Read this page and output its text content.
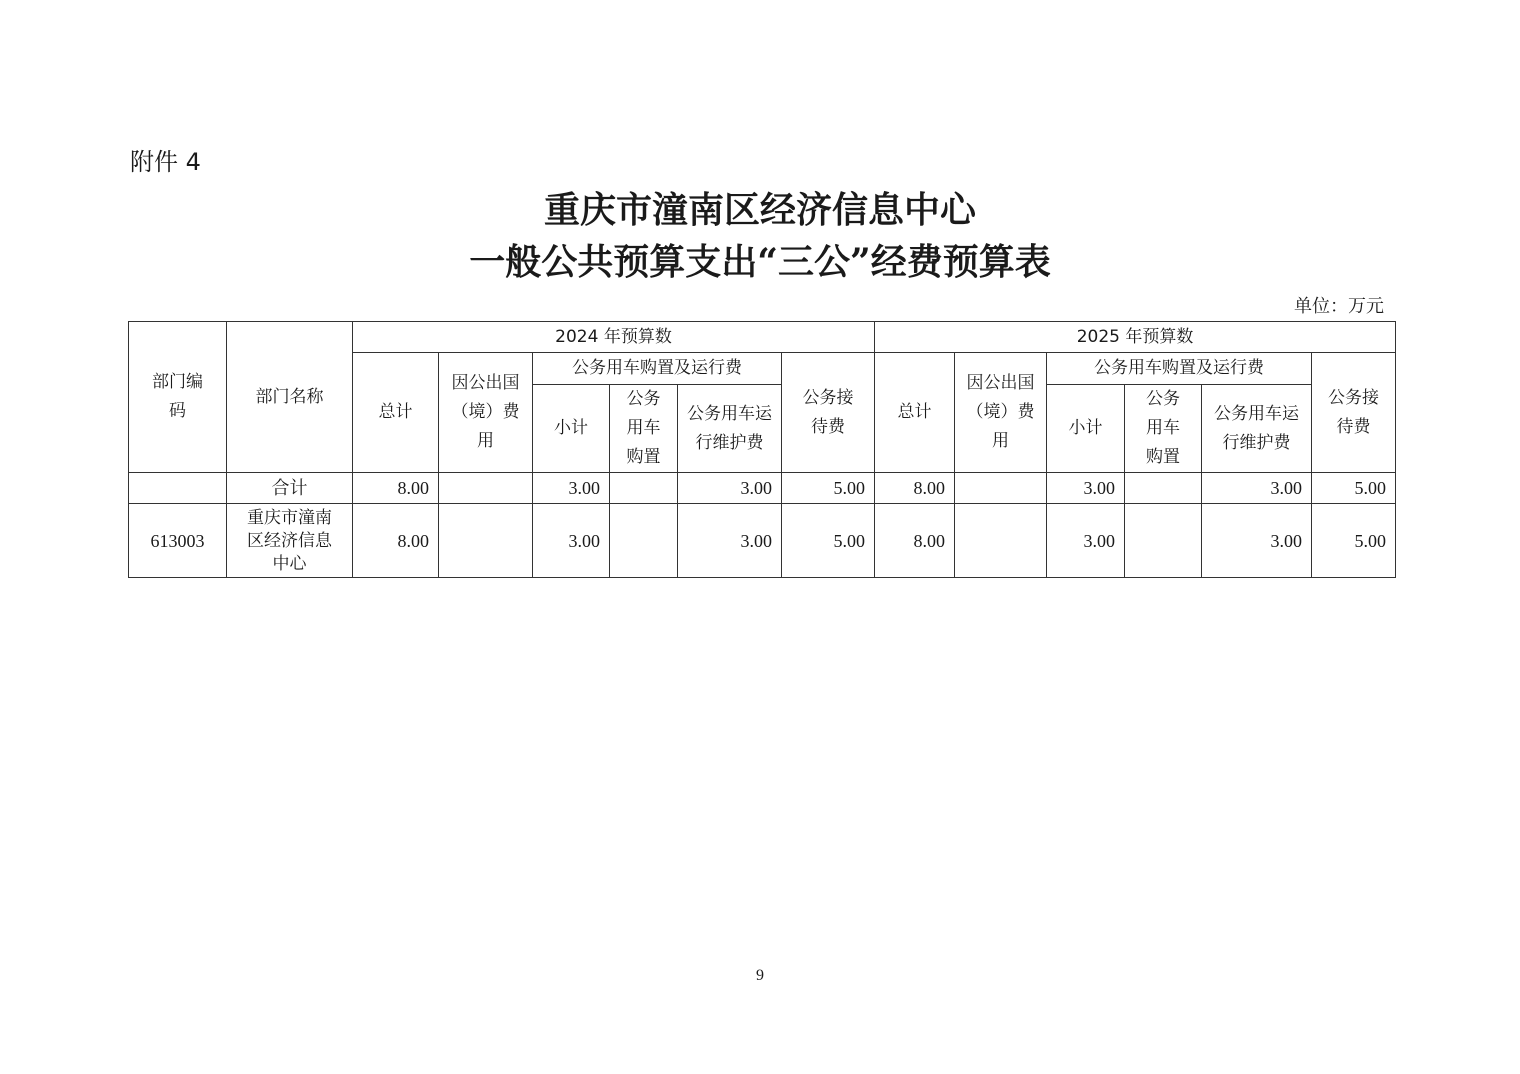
附件 4
重庆市潼南区经济信息中心
一般公共预算支出“三公”经费预算表
单位：万元
部门编码	部门名称	2024 年预算数						2025 年预算数					
		总计	因公出国（境）费用	公务用车购置及运行费			公务接待费	总计	因公出国（境）费用	公务用车购置及运行费			公务接待费
				小计	公务用车购置	公务用车运行维护费				小计	公务用车购置	公务用车运行维护费	

	合计	8.00		3.00		3.00	5.00	8.00		3.00		3.00	5.00
613003	重庆市潼南区经济信息中心	8.00		3.00		3.00	5.00	8.00		3.00		3.00	5.00
9
